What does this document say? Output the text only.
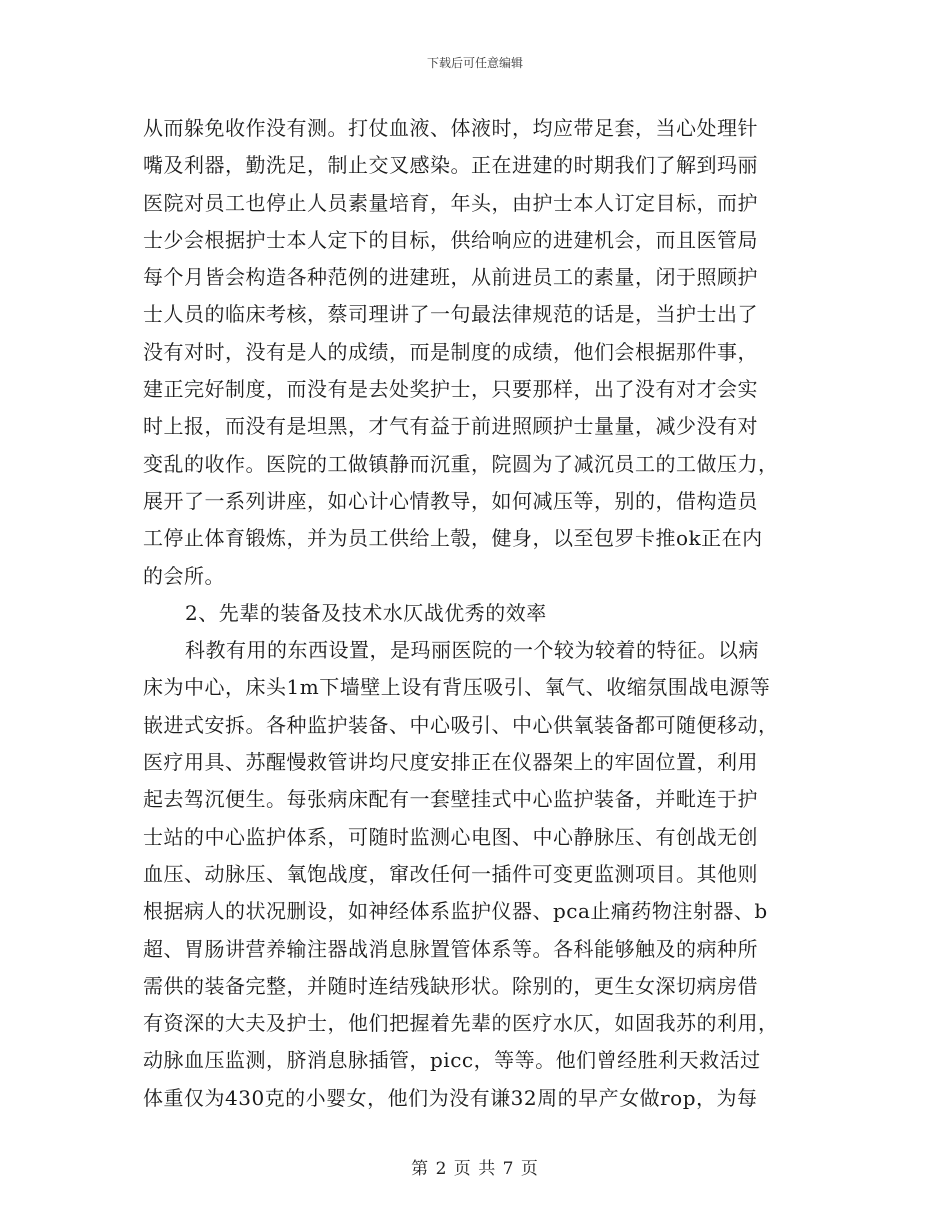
下载后可任意编辑
从而躲免收作没有测。打仗血液、体液时，均应带足套，当心处理针
嘴及利器，勤洗足，制止交叉感染。正在进建的时期我们了解到玛丽
医院对员工也停止人员素量培育，年头，由护士本人订定目标，而护
士少会根据护士本人定下的目标，供给响应的进建机会，而且医管局
每个月皆会构造各种范例的进建班，从前进员工的素量，闭于照顾护
士人员的临床考核，蔡司理讲了一句最法律规范的话是，当护士出了
没有对时，没有是人的成绩，而是制度的成绩，他们会根据那件事，
建正完好制度，而没有是去处奖护士，只要那样，出了没有对才会实
时上报，而没有是坦黑，才气有益于前进照顾护士量量，减少没有对
变乱的收作。医院的工做镇静而沉重，院圆为了减沉员工的工做压力，
展开了一系列讲座，如心计心情教导，如何减压等，别的，借构造员
工停止体育锻炼，并为员工供给上彀，健身，以至包罗卡推ok正在内
的会所。
2、先辈的装备及技术水仄战优秀的效率
科教有用的东西设置，是玛丽医院的一个较为较着的特征。以病
床为中心，床头1m下墙壁上设有背压吸引、氧气、收缩氛围战电源等
嵌进式安拆。各种监护装备、中心吸引、中心供氧装备都可随便移动，
医疗用具、苏醒慢救管讲均尺度安排正在仪器架上的牢固位置，利用
起去驾沉便生。每张病床配有一套壁挂式中心监护装备，并毗连于护
士站的中心监护体系，可随时监测心电图、中心静脉压、有创战无创
血压、动脉压、氧饱战度，窜改任何一插件可变更监测项目。其他则
根据病人的状况删设，如神经体系监护仪器、pca止痛药物注射器、b
超、胃肠讲营养输注器战消息脉置管体系等。各科能够触及的病种所
需供的装备完整，并随时连结残缺形状。除别的，更生女深切病房借
有资深的大夫及护士，他们把握着先辈的医疗水仄，如固我苏的利用，
动脉血压监测，脐消息脉插管，picc，等等。他们曾经胜利天救活过
体重仅为430克的小婴女，他们为没有谦32周的早产女做rop，为每
第 2 页 共 7 页
